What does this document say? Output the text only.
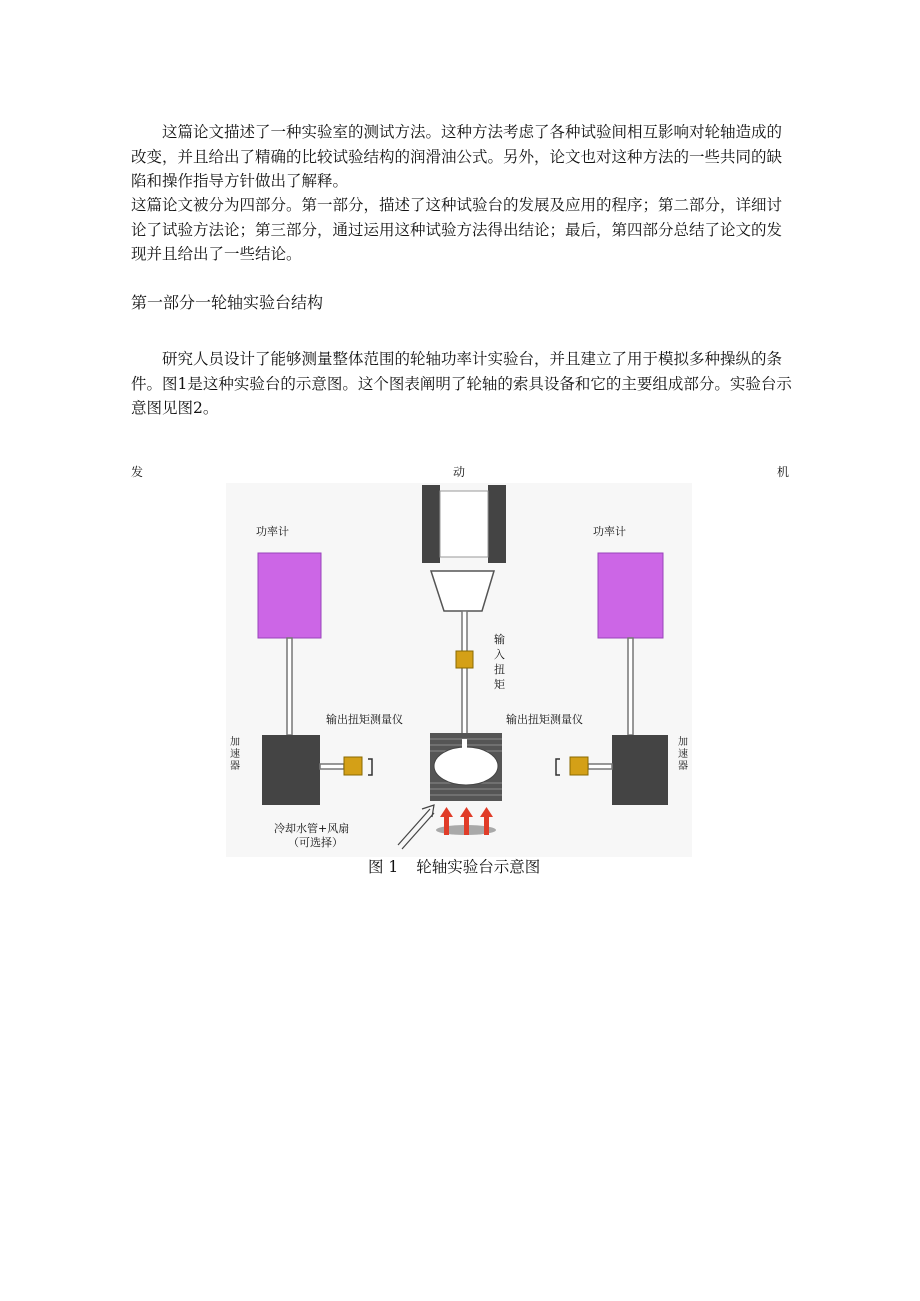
这篇论文描述了一种实验室的测试方法。这种方法考虑了各种试验间相互影响对轮轴造成的改变，并且给出了精确的比较试验结构的润滑油公式。另外，论文也对这种方法的一些共同的缺陷和操作指导方针做出了解释。

这篇论文被分为四部分。第一部分，描述了这种试验台的发展及应用的程序；第二部分，详细讨论了试验方法论；第三部分，通过运用这种试验方法得出结论；最后，第四部分总结了论文的发现并且给出了一些结论。

第一部分一轮轴实验台结构

研究人员设计了能够测量整体范围的轮轴功率计实验台，并且建立了用于模拟多种操纵的条件。图1是这种实验台的示意图。这个图表阐明了轮轴的索具设备和它的主要组成部分。实验台示意图见图2。

发	动	机
输
入
扭
矩
功率计	功率计
加
速
器
加
速
器
输出扭矩测量仪	输出扭矩测量仪
冷却水管+风扇
（可选择）

图 1 轮轴实验台示意图
